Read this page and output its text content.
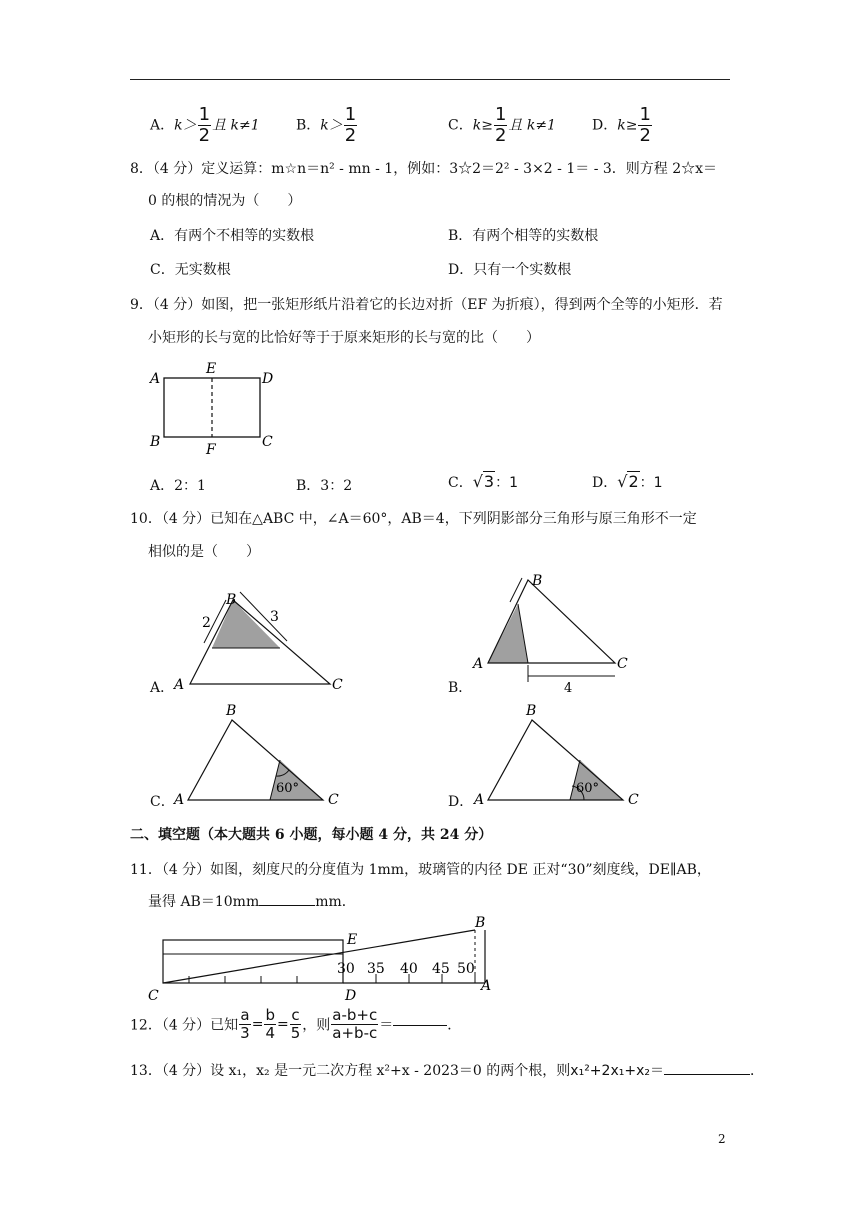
A．$k> \frac{1}{2}$ 且 k≠1	B．$k> \frac{1}{2}$	C．$k\ge \frac{1}{2}$ 且 k≠1	D．$k\ge \frac{1}{2}$
8．（4 分）定义运算：m☆n＝n² - mn - 1，例如：3☆2＝2² - 3×2 - 1＝ - 3．则方程 2☆x＝
0 的根的情况为（　　）
A．有两个不相等的实数根	B．有两个相等的实数根
C．无实数根	D．只有一个实数根
9．（4 分）如图，把一张矩形纸片沿着它的长边对折（EF 为折痕），得到两个全等的小矩形．若
小矩形的长与宽的比恰好等于于原来矩形的长与宽的比（　　）
A
E
D
B	F	C
A．2：1	B．3：2	C．√3：1	D．√2：1
10．（4 分）已知在△ABC 中，∠A＝60°，AB＝4，下列阴影部分三角形与原三角形不一定
相似的是（　　）
A．
2	3
B
A	C	B．	4
B
A	C
C．
60°
B
A	C	D．
60°
B
A	C
二、填空题（本大题共 6 小题，每小题 4 分，共 24 分）
11．（4 分）如图，刻度尺的分度值为 1mm，玻璃管的内径 DE 正对“30”刻度线，DE∥AB，
量得 AB＝10mm	mm．
30 35 40 45 50
E
B
C	D
A
12．（4 分）已知 $\frac{a}{3} = \frac{b}{4} = \frac{c}{5}$ ，则 $\frac{a-b+c}{a+b-c}$ ＝	．
13．（4 分）设 x₁，x₂ 是一元二次方程 x²+x - 2023＝0 的两个根，则x₁²+2x₁+x₂＝	．
2
